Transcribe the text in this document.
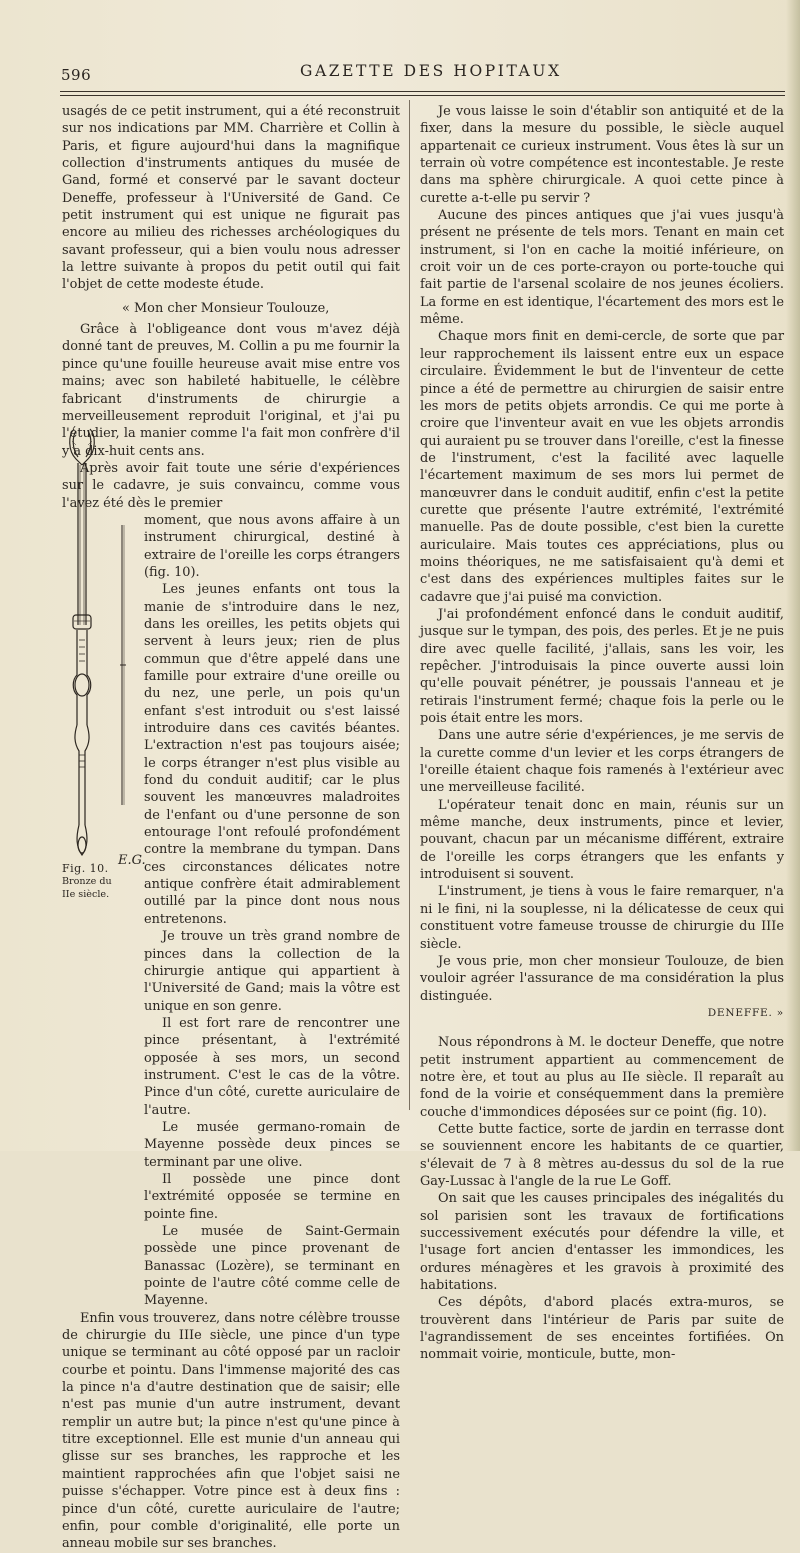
596	GAZETTE DES HOPITAUX
E.G.
Fig. 10.
Bronze du
IIe siècle.

usagés de ce petit instrument, qui a été reconstruit sur nos indications par MM. Charrière et Collin à Paris, et figure aujourd'hui dans la magnifique collection d'instruments antiques du musée de Gand, formé et conservé par le savant docteur Deneffe, professeur à l'Université de Gand. Ce petit instrument qui est unique ne figurait pas encore au milieu des richesses archéologiques du savant professeur, qui a bien voulu nous adresser la lettre suivante à propos du petit outil qui fait l'objet de cette modeste étude.

« Mon cher Monsieur Toulouze,

Grâce à l'obligeance dont vous m'avez déjà donné tant de preuves, M. Collin a pu me fournir la pince qu'une fouille heureuse avait mise entre vos mains; avec son habileté habituelle, le célèbre fabricant d'instruments de chirurgie a merveilleusement reproduit l'original, et j'ai pu l'étudier, la manier comme l'a fait mon confrère d'il y a dix-huit cents ans.

Après avoir fait toute une série d'expériences sur le cadavre, je suis convaincu, comme vous l'avez été dès le premier

moment, que nous avons affaire à un instrument chirurgical, destiné à extraire de l'oreille les corps étrangers (fig. 10).

Les jeunes enfants ont tous la manie de s'introduire dans le nez, dans les oreilles, les petits objets qui servent à leurs jeux; rien de plus commun que d'être appelé dans une famille pour extraire d'une oreille ou du nez, une perle, un pois qu'un enfant s'est introduit ou s'est laissé introduire dans ces cavités béantes. L'extraction n'est pas toujours aisée; le corps étranger n'est plus visible au fond du conduit auditif; car le plus souvent les manœuvres maladroites de l'enfant ou d'une personne de son entourage l'ont refoulé profondément contre la membrane du tympan. Dans ces circonstances délicates notre antique confrère était admirablement outillé par la pince dont nous nous entretenons.

Je trouve un très grand nombre de pinces dans la collection de la chirurgie antique qui appartient à l'Université de Gand; mais la vôtre est unique en son genre.

Il est fort rare de rencontrer une pince présentant, à l'extrémité opposée à ses mors, un second instrument. C'est le cas de la vôtre. Pince d'un côté, curette auriculaire de l'autre.

Le musée germano-romain de Mayenne possède deux pinces se terminant par une olive.

Il possède une pince dont l'extrémité opposée se termine en pointe fine.

Le musée de Saint-Germain possède une pince provenant de Banassac (Lozère), se terminant en pointe de l'autre côté comme celle de Mayenne.

Enfin vous trouverez, dans notre célèbre trousse de chirurgie du IIIe siècle, une pince d'un type unique se terminant au côté opposé par un racloir courbe et pointu. Dans l'immense majorité des cas la pince n'a d'autre destination que de saisir; elle n'est pas munie d'un autre instrument, devant remplir un autre but; la pince n'est qu'une pince à titre exceptionnel. Elle est munie d'un anneau qui glisse sur ses branches, les rapproche et les maintient rapprochées afin que l'objet saisi ne puisse s'échapper. Votre pince est à deux fins : pince d'un côté, curette auriculaire de l'autre; enfin, pour comble d'originalité, elle porte un anneau mobile sur ses branches.

Je vous laisse le soin d'établir son antiquité et de la fixer, dans la mesure du possible, le siècle auquel appartenait ce curieux instrument. Vous êtes là sur un terrain où votre compétence est incontestable. Je reste dans ma sphère chirurgicale. A quoi cette pince à curette a-t-elle pu servir ?

Aucune des pinces antiques que j'ai vues jusqu'à présent ne présente de tels mors. Tenant en main cet instrument, si l'on en cache la moitié inférieure, on croit voir un de ces porte-crayon ou porte-touche qui fait partie de l'arsenal scolaire de nos jeunes écoliers. La forme en est identique, l'écartement des mors est le même.

Chaque mors finit en demi-cercle, de sorte que par leur rapprochement ils laissent entre eux un espace circulaire. Évidemment le but de l'inventeur de cette pince a été de permettre au chirurgien de saisir entre les mors de petits objets arrondis. Ce qui me porte à croire que l'inventeur avait en vue les objets arrondis qui auraient pu se trouver dans l'oreille, c'est la finesse de l'instrument, c'est la facilité avec laquelle l'écartement maximum de ses mors lui permet de manœuvrer dans le conduit auditif, enfin c'est la petite curette que présente l'autre extrémité, l'extrémité manuelle. Pas de doute possible, c'est bien la curette auriculaire. Mais toutes ces appréciations, plus ou moins théoriques, ne me satisfaisaient qu'à demi et c'est dans des expériences multiples faites sur le cadavre que j'ai puisé ma conviction.

J'ai profondément enfoncé dans le conduit auditif, jusque sur le tympan, des pois, des perles. Et je ne puis dire avec quelle facilité, j'allais, sans les voir, les repêcher. J'introduisais la pince ouverte aussi loin qu'elle pouvait pénétrer, je poussais l'anneau et je retirais l'instrument fermé; chaque fois la perle ou le pois était entre les mors.

Dans une autre série d'expériences, je me servis de la curette comme d'un levier et les corps étrangers de l'oreille étaient chaque fois ramenés à l'extérieur avec une merveilleuse facilité.

L'opérateur tenait donc en main, réunis sur un même manche, deux instruments, pince et levier, pouvant, chacun par un mécanisme différent, extraire de l'oreille les corps étrangers que les enfants y introduisent si souvent.

L'instrument, je tiens à vous le faire remarquer, n'a ni le fini, ni la souplesse, ni la délicatesse de ceux qui constituent votre fameuse trousse de chirurgie du IIIe siècle.

Je vous prie, mon cher monsieur Toulouze, de bien vouloir agréer l'assurance de ma considération la plus distinguée.

DENEFFE. »

Nous répondrons à M. le docteur Deneffe, que notre petit instrument appartient au commencement de notre ère, et tout au plus au IIe siècle. Il reparaît au fond de la voirie et conséquemment dans la première couche d'immondices déposées sur ce point (fig. 10).

Cette butte factice, sorte de jardin en terrasse dont se souviennent encore les habitants de ce quartier, s'élevait de 7 à 8 mètres au-dessus du sol de la rue Gay-Lussac à l'angle de la rue Le Goff.

On sait que les causes principales des inégalités du sol parisien sont les travaux de fortifications successivement exécutés pour défendre la ville, et l'usage fort ancien d'entasser les immondices, les ordures ménagères et les gravois à proximité des habitations.

Ces dépôts, d'abord placés extra-muros, se trouvèrent dans l'intérieur de Paris par suite de l'agrandissement de ses enceintes fortifiées. On nommait voirie, monticule, butte, mon-
